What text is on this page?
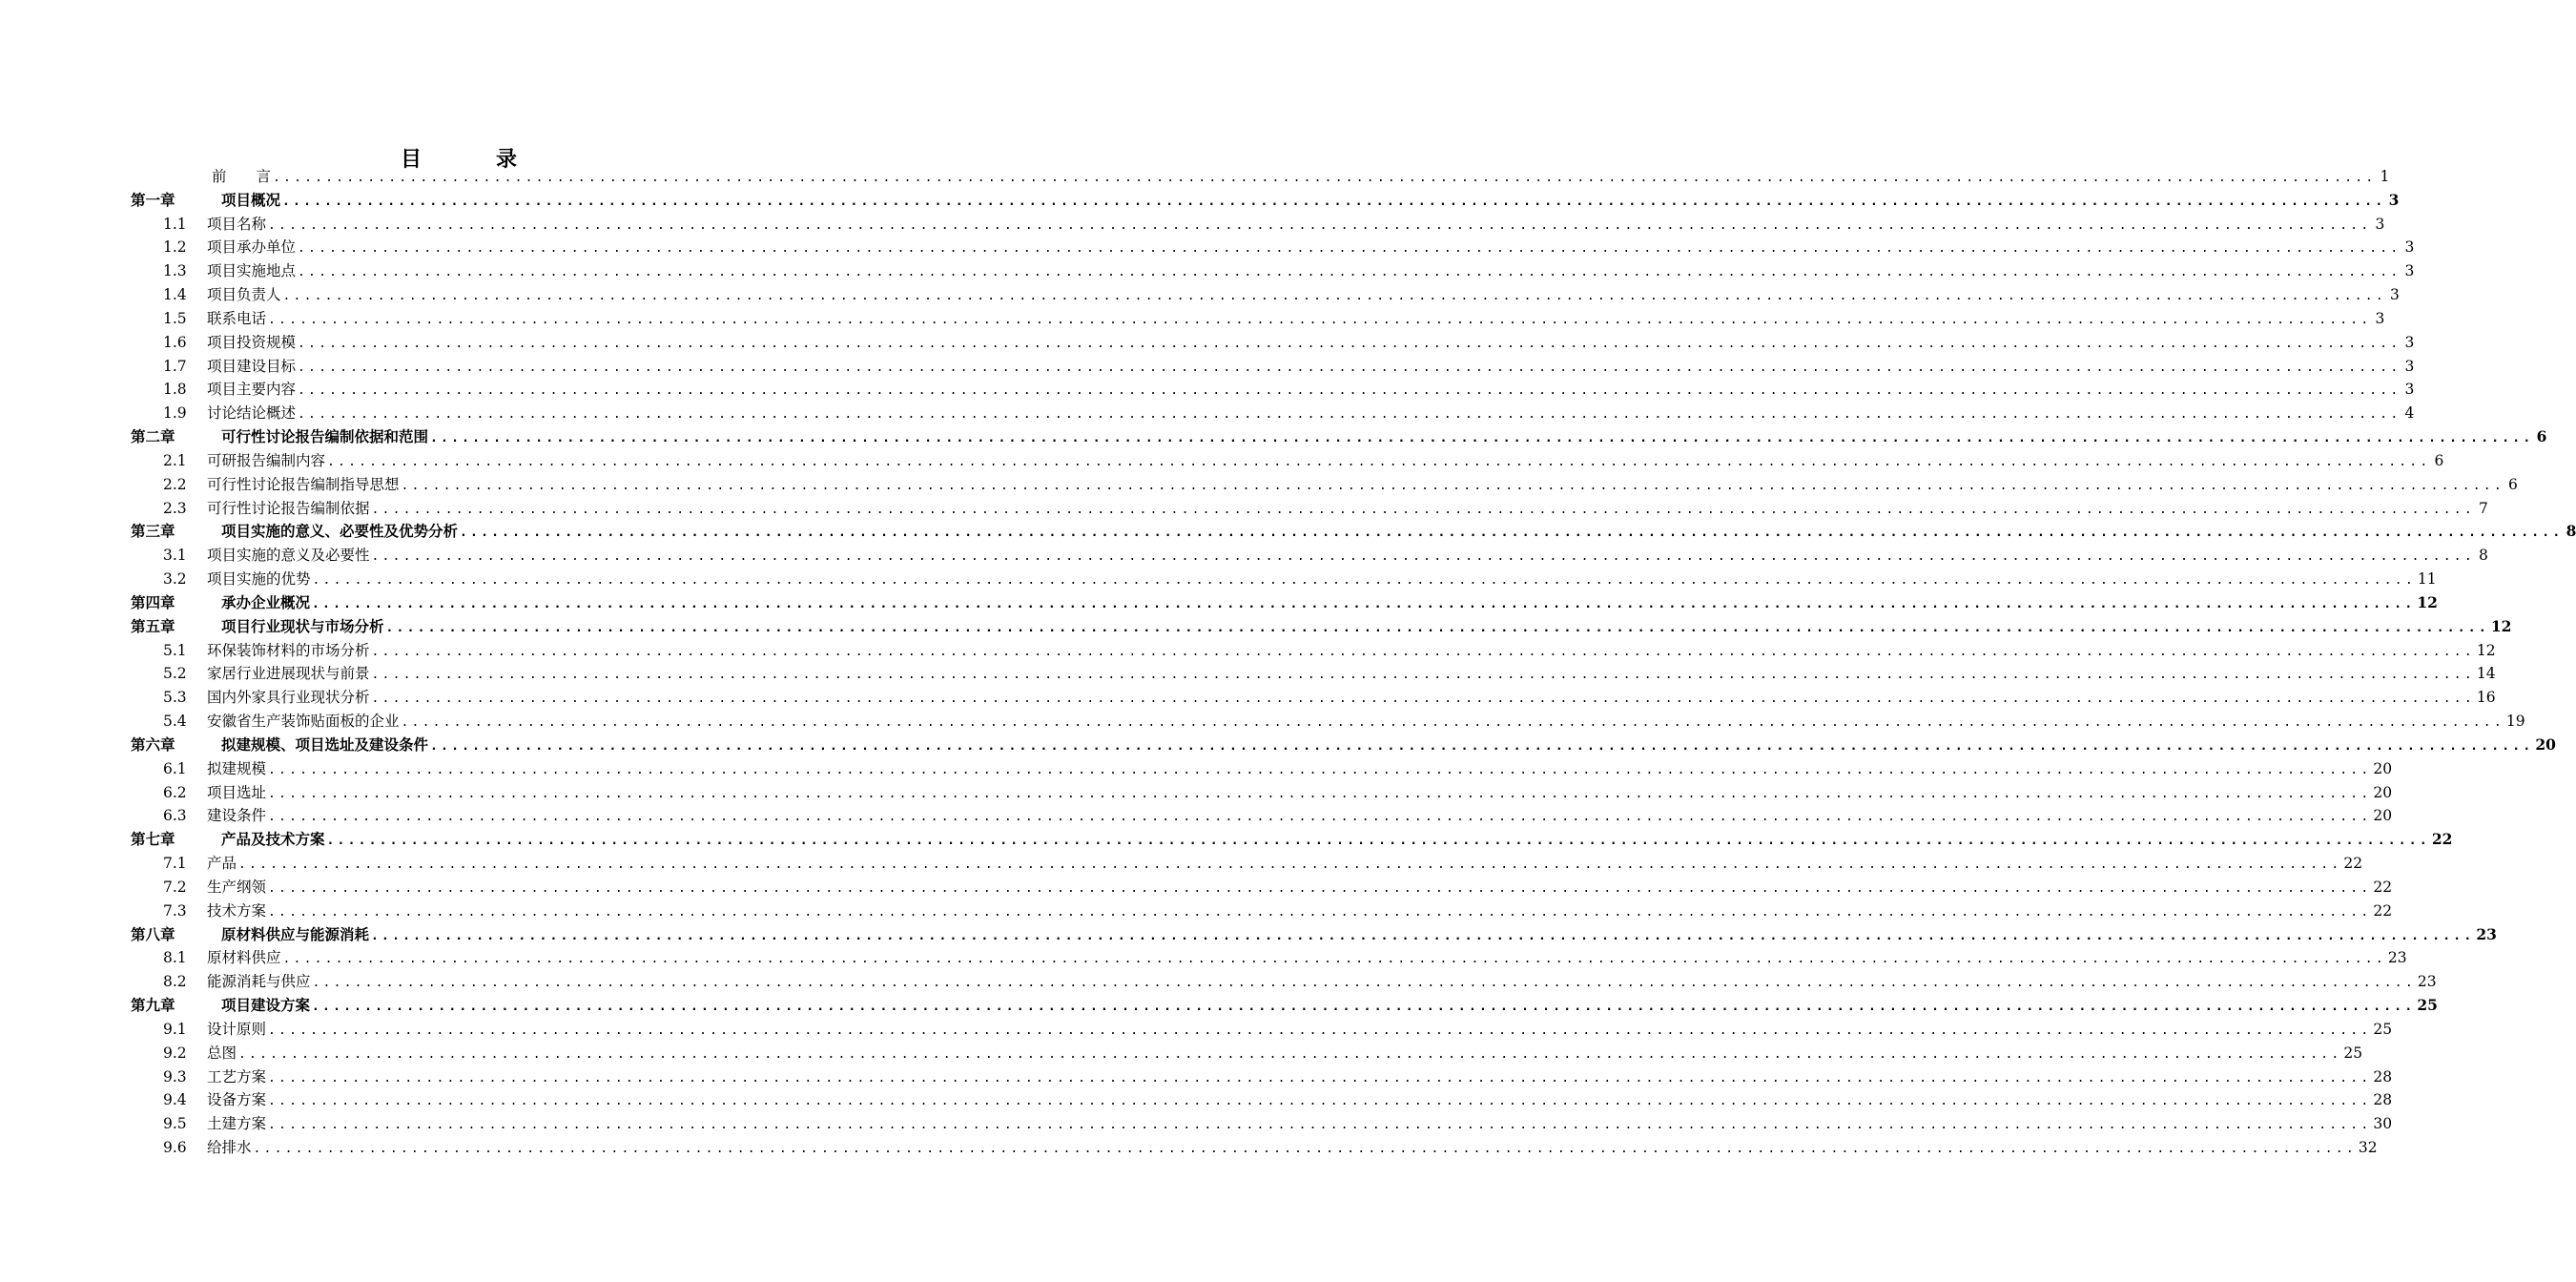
目　录
前　　言 ........................................................................................................................................................................................................ 1
第一章	项目概况 ........................................................................................................................................................................................................ 3
1.1	项目名称 ........................................................................................................................................................................................................ 3
1.2	项目承办单位 ........................................................................................................................................................................................................ 3
1.3	项目实施地点 ........................................................................................................................................................................................................ 3
1.4	项目负责人 ........................................................................................................................................................................................................ 3
1.5	联系电话 ........................................................................................................................................................................................................ 3
1.6	项目投资规模 ........................................................................................................................................................................................................ 3
1.7	项目建设目标 ........................................................................................................................................................................................................ 3
1.8	项目主要内容 ........................................................................................................................................................................................................ 3
1.9	讨论结论概述 ........................................................................................................................................................................................................ 4
第二章	可行性讨论报告编制依据和范围 ........................................................................................................................................................................................................ 6
2.1	可研报告编制内容 ........................................................................................................................................................................................................ 6
2.2	可行性讨论报告编制指导思想 ........................................................................................................................................................................................................ 6
2.3	可行性讨论报告编制依据 ........................................................................................................................................................................................................ 7
第三章	项目实施的意义、必要性及优势分析 ........................................................................................................................................................................................................ 8
3.1	项目实施的意义及必要性 ........................................................................................................................................................................................................ 8
3.2	项目实施的优势 ........................................................................................................................................................................................................ 11
第四章	承办企业概况 ........................................................................................................................................................................................................ 12
第五章	项目行业现状与市场分析 ........................................................................................................................................................................................................ 12
5.1	环保装饰材料的市场分析 ........................................................................................................................................................................................................ 12
5.2	家居行业进展现状与前景 ........................................................................................................................................................................................................ 14
5.3	国内外家具行业现状分析 ........................................................................................................................................................................................................ 16
5.4	安徽省生产装饰贴面板的企业 ........................................................................................................................................................................................................ 19
第六章	拟建规模、项目选址及建设条件 ........................................................................................................................................................................................................ 20
6.1	拟建规模 ........................................................................................................................................................................................................ 20
6.2	项目选址 ........................................................................................................................................................................................................ 20
6.3	建设条件 ........................................................................................................................................................................................................ 20
第七章	产品及技术方案 ........................................................................................................................................................................................................ 22
7.1	产品 ........................................................................................................................................................................................................ 22
7.2	生产纲领 ........................................................................................................................................................................................................ 22
7.3	技术方案 ........................................................................................................................................................................................................ 22
第八章	原材料供应与能源消耗 ........................................................................................................................................................................................................ 23
8.1	原材料供应 ........................................................................................................................................................................................................ 23
8.2	能源消耗与供应 ........................................................................................................................................................................................................ 23
第九章	项目建设方案 ........................................................................................................................................................................................................ 25
9.1	设计原则 ........................................................................................................................................................................................................ 25
9.2	总图 ........................................................................................................................................................................................................ 25
9.3	工艺方案 ........................................................................................................................................................................................................ 28
9.4	设备方案 ........................................................................................................................................................................................................ 28
9.5	土建方案 ........................................................................................................................................................................................................ 30
9.6	给排水 ........................................................................................................................................................................................................ 32
